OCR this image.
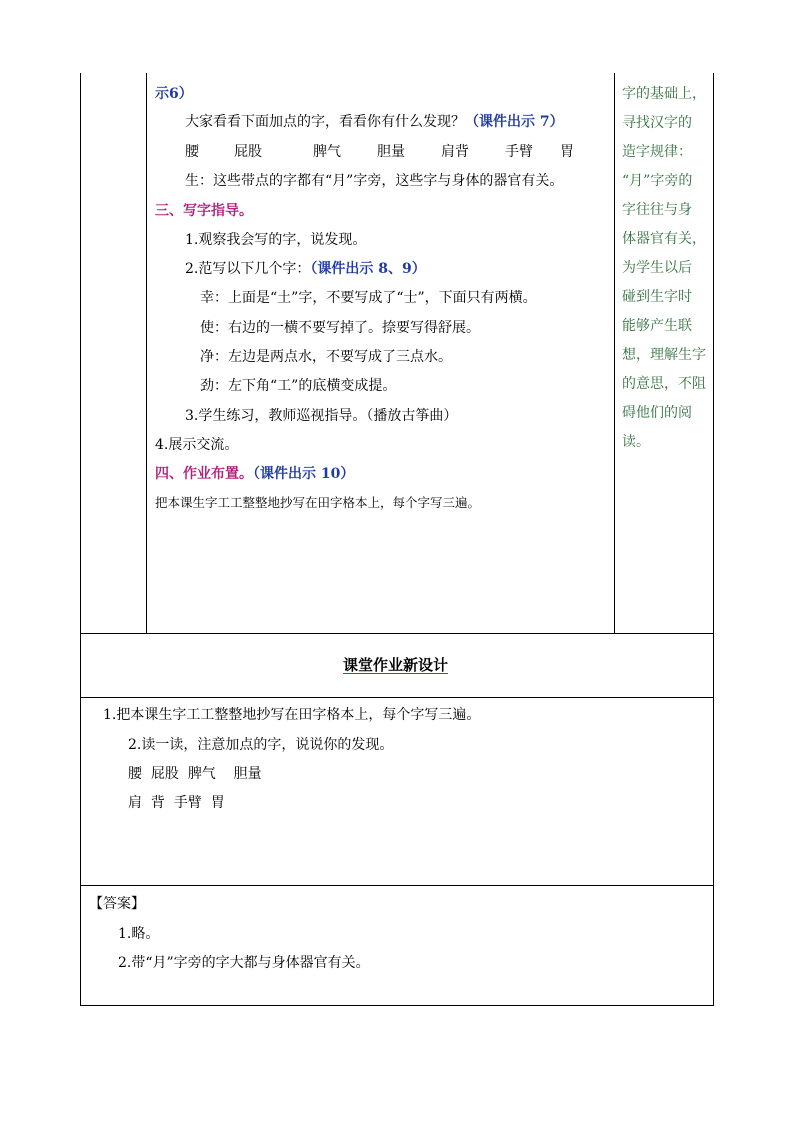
示6）
大家看看下面加点的字，看看你有什么发现？（课件出示 7）
腰	屁股	脾气	胆量	肩背	手臂 胃
生：这些带点的字都有“月”字旁，这些字与身体的器官有关。
三、写字指导。
1.观察我会写的字，说发现。
2.范写以下几个字：（课件出示 8、9）
幸：上面是“土”字，不要写成了“士”，下面只有两横。
使：右边的一横不要写掉了。捺要写得舒展。
净：左边是两点水，不要写成了三点水。
劲：左下角“工”的底横变成提。
3.学生练习，教师巡视指导。（播放古筝曲）
4.展示交流。
四、作业布置。（课件出示 10）
把本课生字工工整整地抄写在田字格本上，每个字写三遍。
字的基础上，
寻找汉字的
造字规律：
“月”字旁的
字往往与身
体器官有关，
为学生以后
碰到生字时
能够产生联
想，理解生字
的意思，不阻
碍他们的阅
读。
课堂作业新设计
1.把本课生字工工整整地抄写在田字格本上，每个字写三遍。
2.读一读，注意加点的字，说说你的发现。
腰 屁股 脾气 胆量
肩 背 手臂 胃
【答案】
1.略。
2.带“月”字旁的字大都与身体器官有关。
